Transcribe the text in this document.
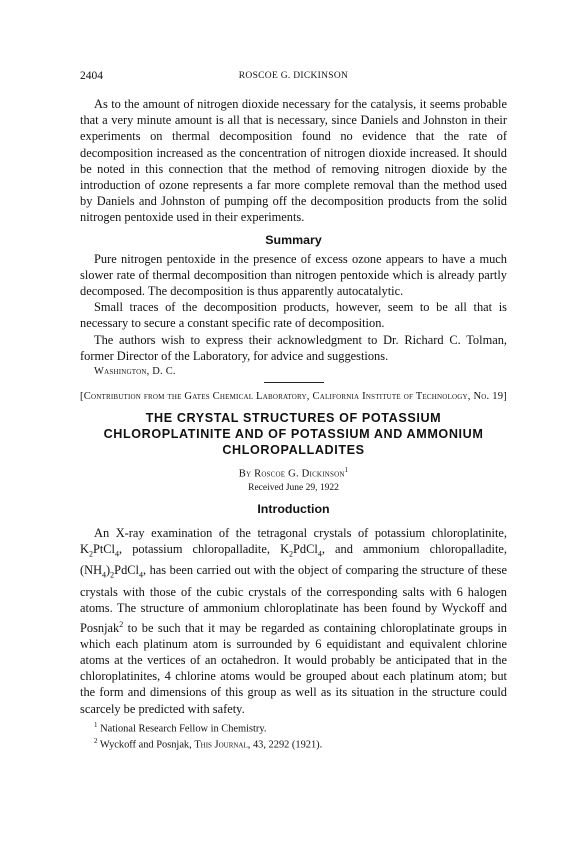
2404	ROSCOE G. DICKINSON

As to the amount of nitrogen dioxide necessary for the catalysis, it seems probable that a very minute amount is all that is necessary, since Daniels and Johnston in their experiments on thermal decomposition found no evidence that the rate of decomposition increased as the concentration of nitrogen dioxide increased. It should be noted in this connection that the method of removing nitrogen dioxide by the introduction of ozone represents a far more complete removal than the method used by Daniels and Johnston of pumping off the decomposition products from the solid nitrogen pentoxide used in their experiments.

Summary

Pure nitrogen pentoxide in the presence of excess ozone appears to have a much slower rate of thermal decomposition than nitrogen pentoxide which is already partly decomposed. The decomposition is thus apparently autocatalytic.

Small traces of the decomposition products, however, seem to be all that is necessary to secure a constant specific rate of decomposition.

The authors wish to express their acknowledgment to Dr. Richard C. Tolman, former Director of the Laboratory, for advice and suggestions.

Washington, D. C.
[Contribution from the Gates Chemical Laboratory, California Institute of Technology, No. 19]
THE CRYSTAL STRUCTURES OF POTASSIUM
CHLOROPLATINITE AND OF POTASSIUM AND AMMONIUM
CHLOROPALLADITES
By Roscoe G. Dickinson$^1$
Received June 29, 1922
Introduction

An X-ray examination of the tetragonal crystals of potassium chloroplatinite, $K_2PtCl_4$, potassium chloropalladite, $K_2PdCl_4$, and ammonium chloropalladite, $(NH_4)_2PdCl_4$, has been carried out with the object of comparing the structure of these crystals with those of the cubic crystals of the corresponding salts with 6 halogen atoms. The structure of ammonium chloroplatinate has been found by Wyckoff and Posnjak$^2$ to be such that it may be regarded as containing chloroplatinate groups in which each platinum atom is surrounded by 6 equidistant and equivalent chlorine atoms at the vertices of an octahedron. It would probably be anticipated that in the chloroplatinites, 4 chlorine atoms would be grouped about each platinum atom; but the form and dimensions of this group as well as its situation in the structure could scarcely be predicted with safety.

$^1$ National Research Fellow in Chemistry.
$^2$ Wyckoff and Posnjak, This Journal, 43, 2292 (1921).
